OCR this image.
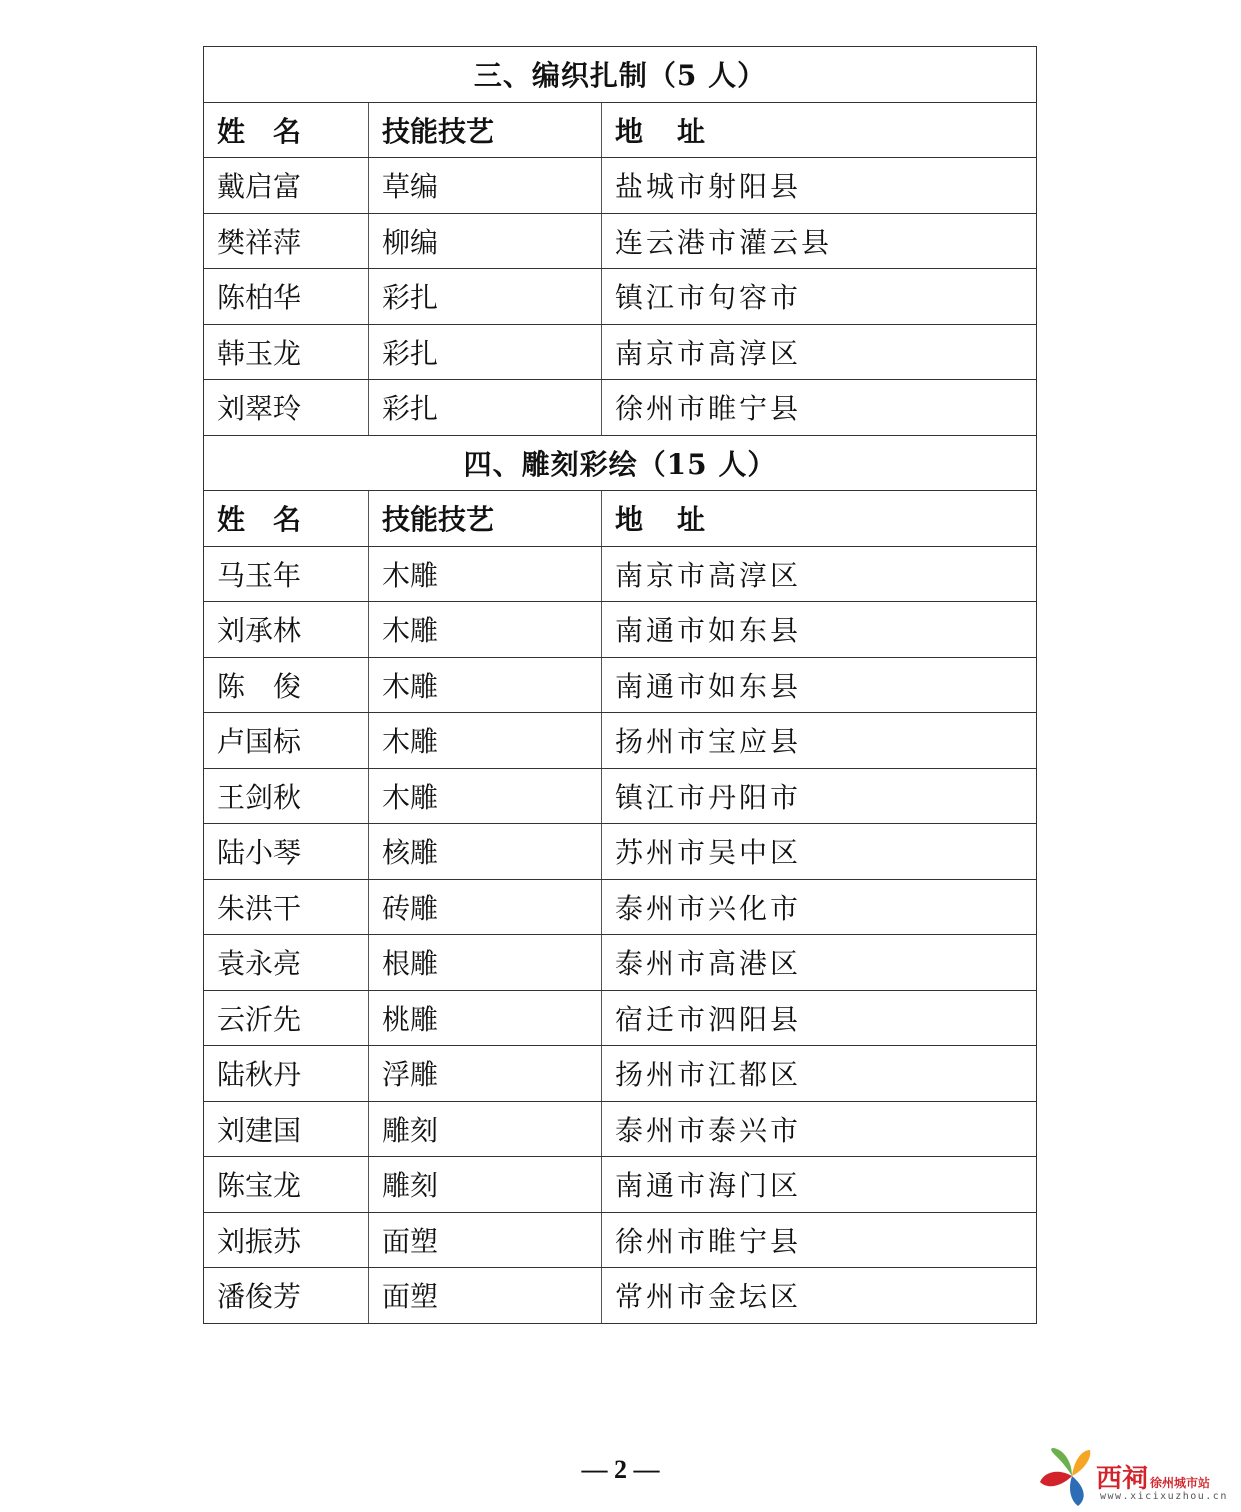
三、编织扎制（5 人）
姓　名	技能技艺	地　址
戴启富	草编	盐城市射阳县
樊祥萍	柳编	连云港市灌云县
陈柏华	彩扎	镇江市句容市
韩玉龙	彩扎	南京市高淳区
刘翠玲	彩扎	徐州市睢宁县
四、雕刻彩绘（15 人）
姓　名	技能技艺	地　址
马玉年	木雕	南京市高淳区
刘承林	木雕	南通市如东县
陈　俊	木雕	南通市如东县
卢国标	木雕	扬州市宝应县
王剑秋	木雕	镇江市丹阳市
陆小琴	核雕	苏州市吴中区
朱洪干	砖雕	泰州市兴化市
袁永亮	根雕	泰州市高港区
云沂先	桃雕	宿迁市泗阳县
陆秋丹	浮雕	扬州市江都区
刘建国	雕刻	泰州市泰兴市
陈宝龙	雕刻	南通市海门区
刘振苏	面塑	徐州市睢宁县
潘俊芳	面塑	常州市金坛区
— 2 —	西祠 徐州城市站
www.xicixuzhou.cn
